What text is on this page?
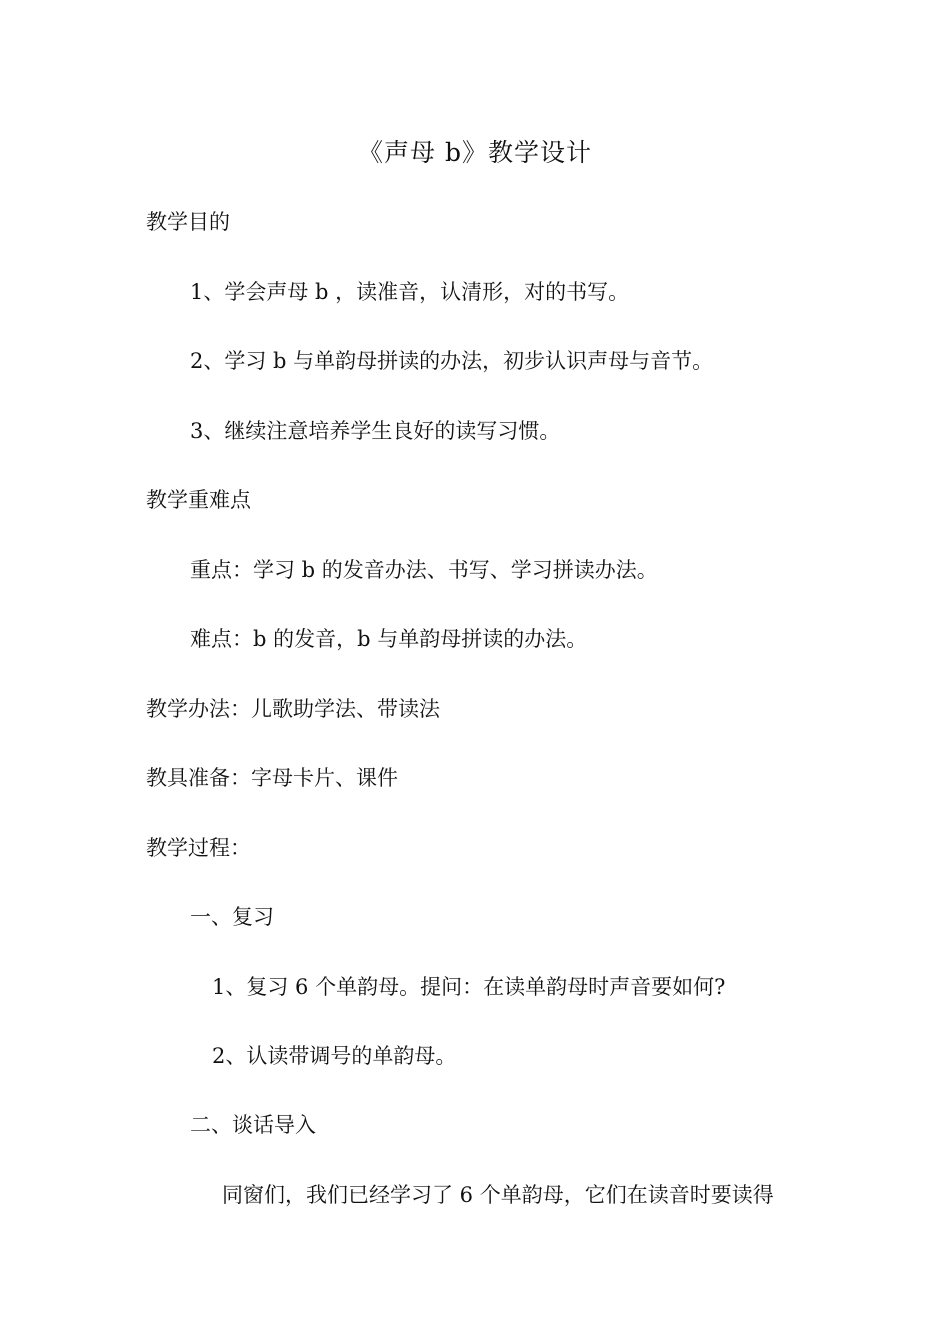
《声母 b》教学设计
教学目的
1、学会声母 b ，读准音，认清形，对的书写。
2、学习 b 与单韵母拼读的办法，初步认识声母与音节。
3、继续注意培养学生良好的读写习惯。
教学重难点
重点：学习 b 的发音办法、书写、学习拼读办法。
难点：b 的发音，b 与单韵母拼读的办法。
教学办法：儿歌助学法、带读法
教具准备：字母卡片、课件
教学过程：
一、复习
1、复习 6 个单韵母。提问：在读单韵母时声音要如何?
2、认读带调号的单韵母。
二、谈话导入
同窗们，我们已经学习了 6 个单韵母，它们在读音时要读得
